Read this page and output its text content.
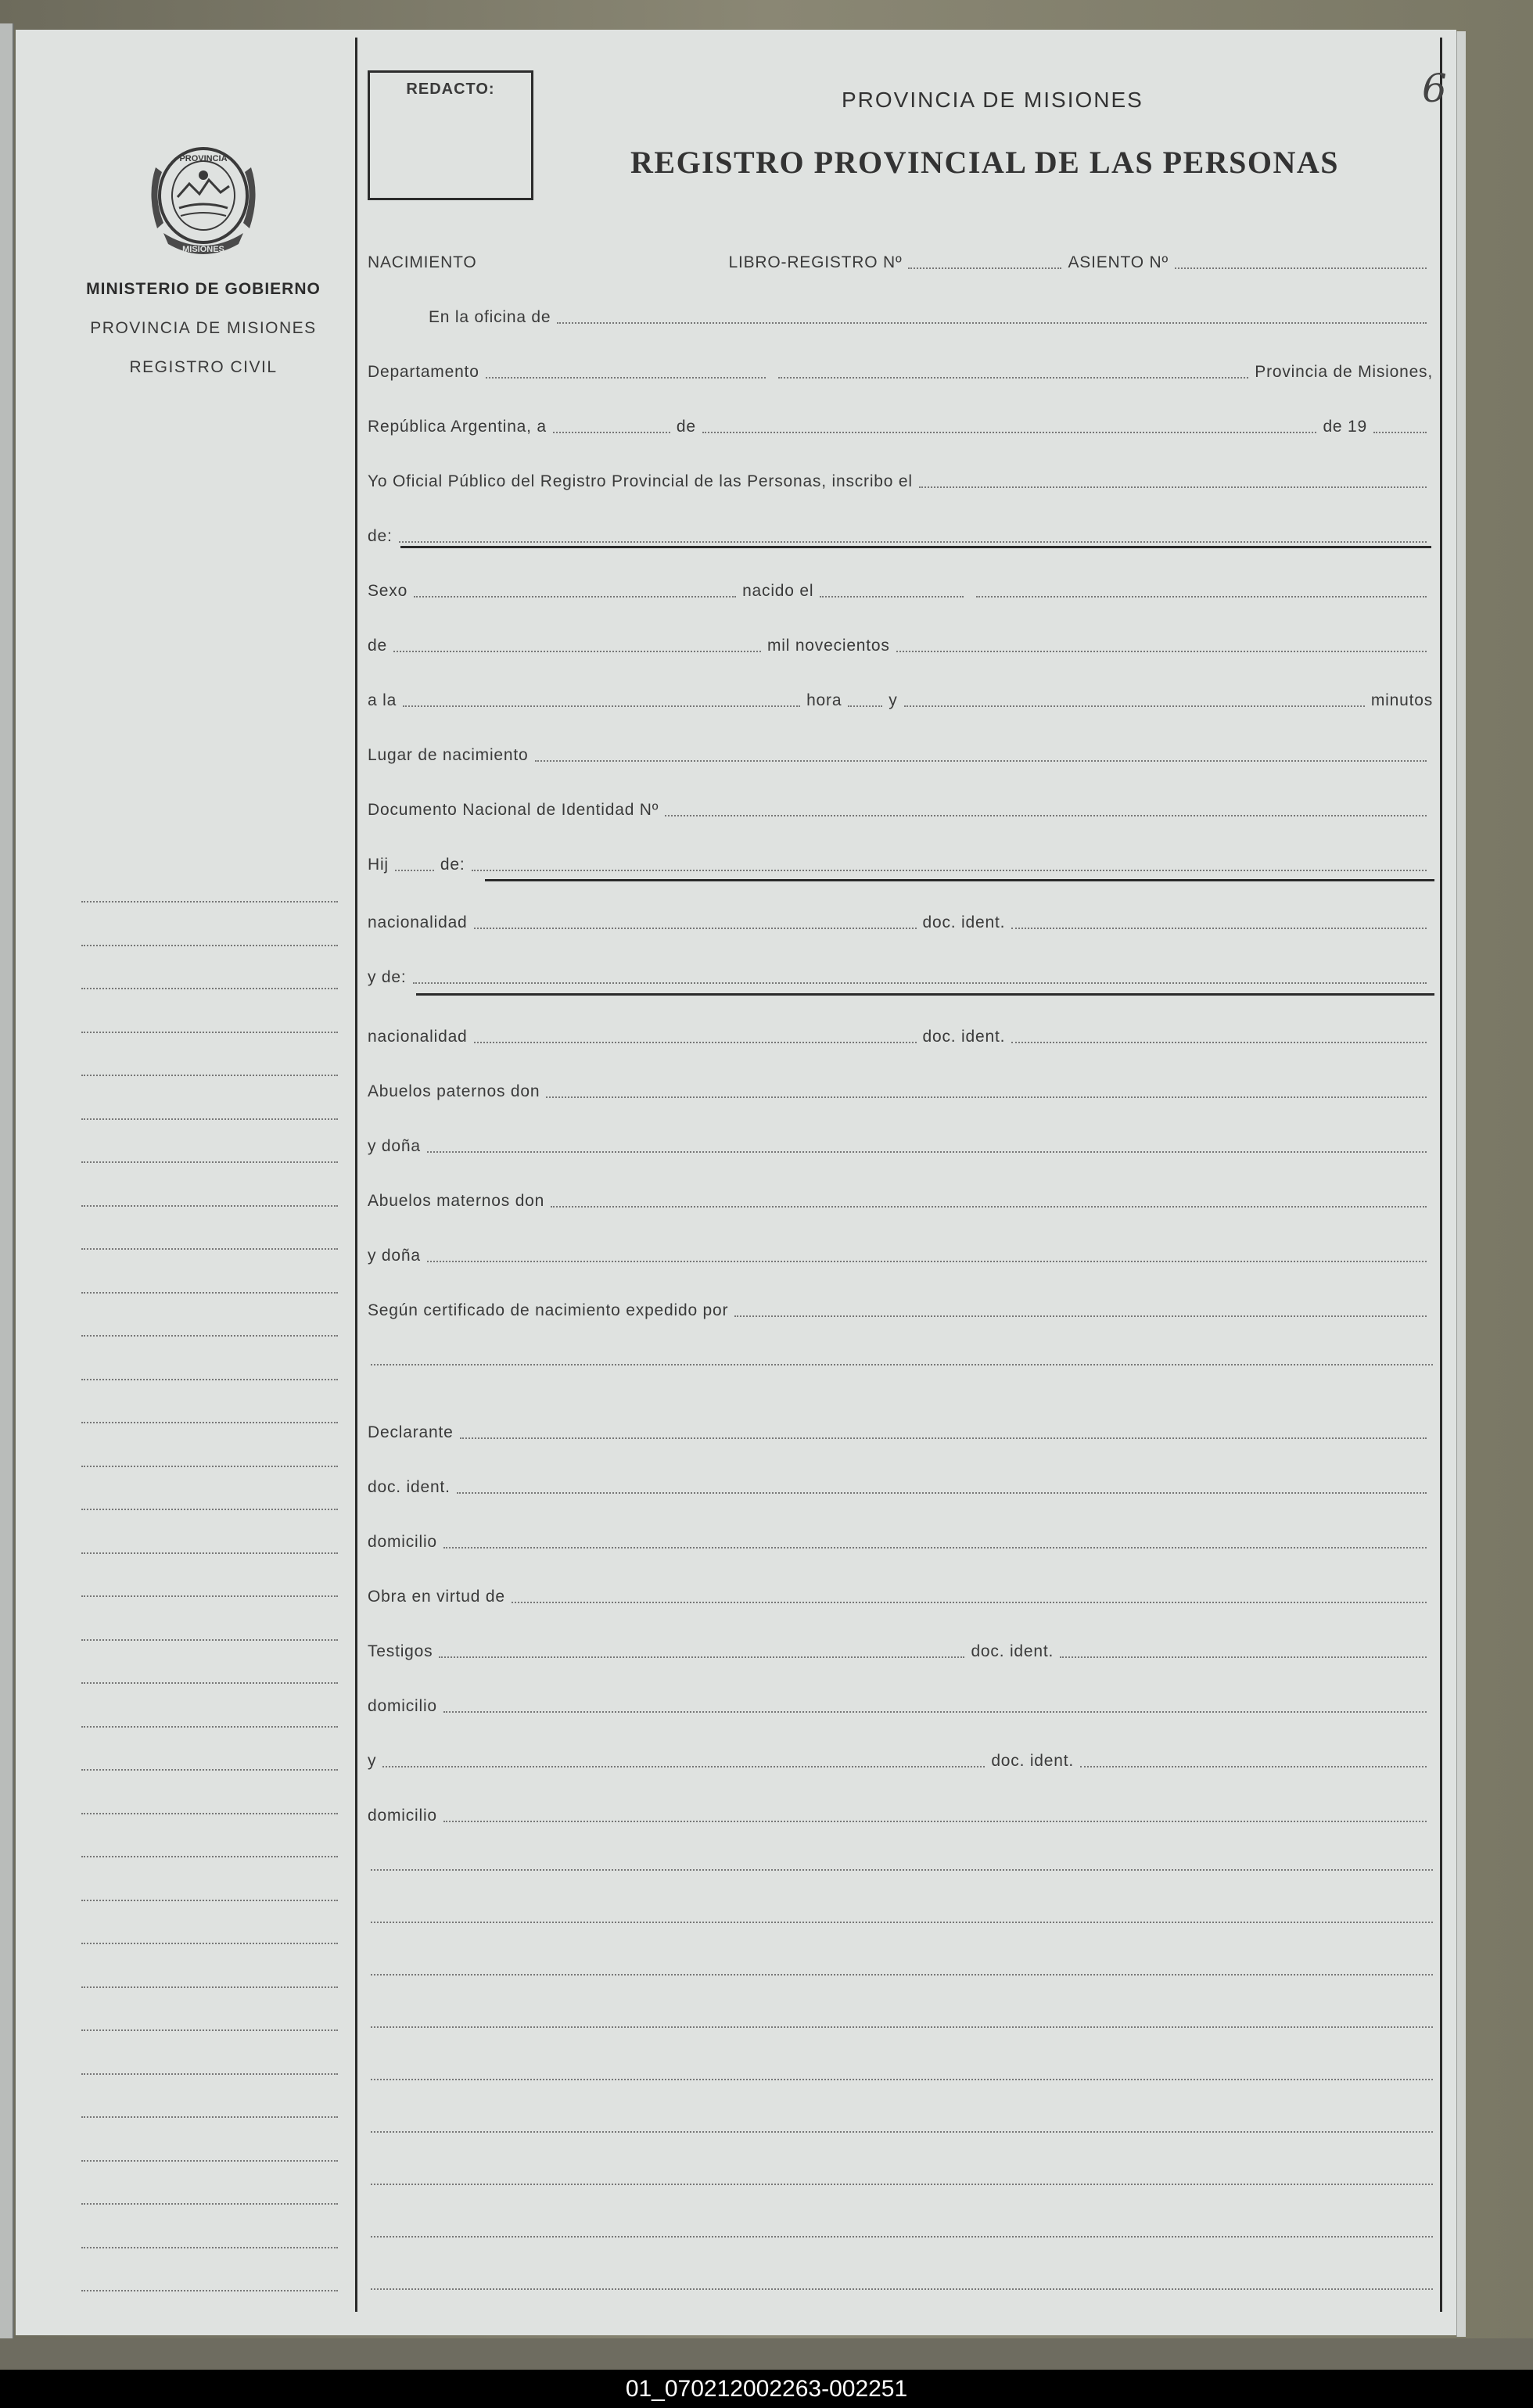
PROVINCIA
MISIONES
MINISTERIO DE GOBIERNO
PROVINCIA DE MISIONES
REGISTRO CIVIL
REDACTO:	PROVINCIA DE MISIONES
REGISTRO PROVINCIAL DE LAS PERSONAS
6
NACIMIENTO	LIBRO-REGISTRO Nº	ASIENTO Nº
En la oficina de
Departamento	Provincia de Misiones,
República Argentina, a	de	de 19
Yo Oficial Público del Registro Provincial de las Personas, inscribo el
de:
Sexo	nacido el
de	mil novecientos
a la	hora	y	minutos
Lugar de nacimiento
Documento Nacional de Identidad Nº
Hij	de:
nacionalidad	doc. ident.
y de:
nacionalidad	doc. ident.
Abuelos paternos don
y doña
Abuelos maternos don
y doña
Según certificado de nacimiento expedido por
Declarante
doc. ident.
domicilio
Obra en virtud de
Testigos	doc. ident.
domicilio
y	doc. ident.
domicilio
01_070212002263-002251
